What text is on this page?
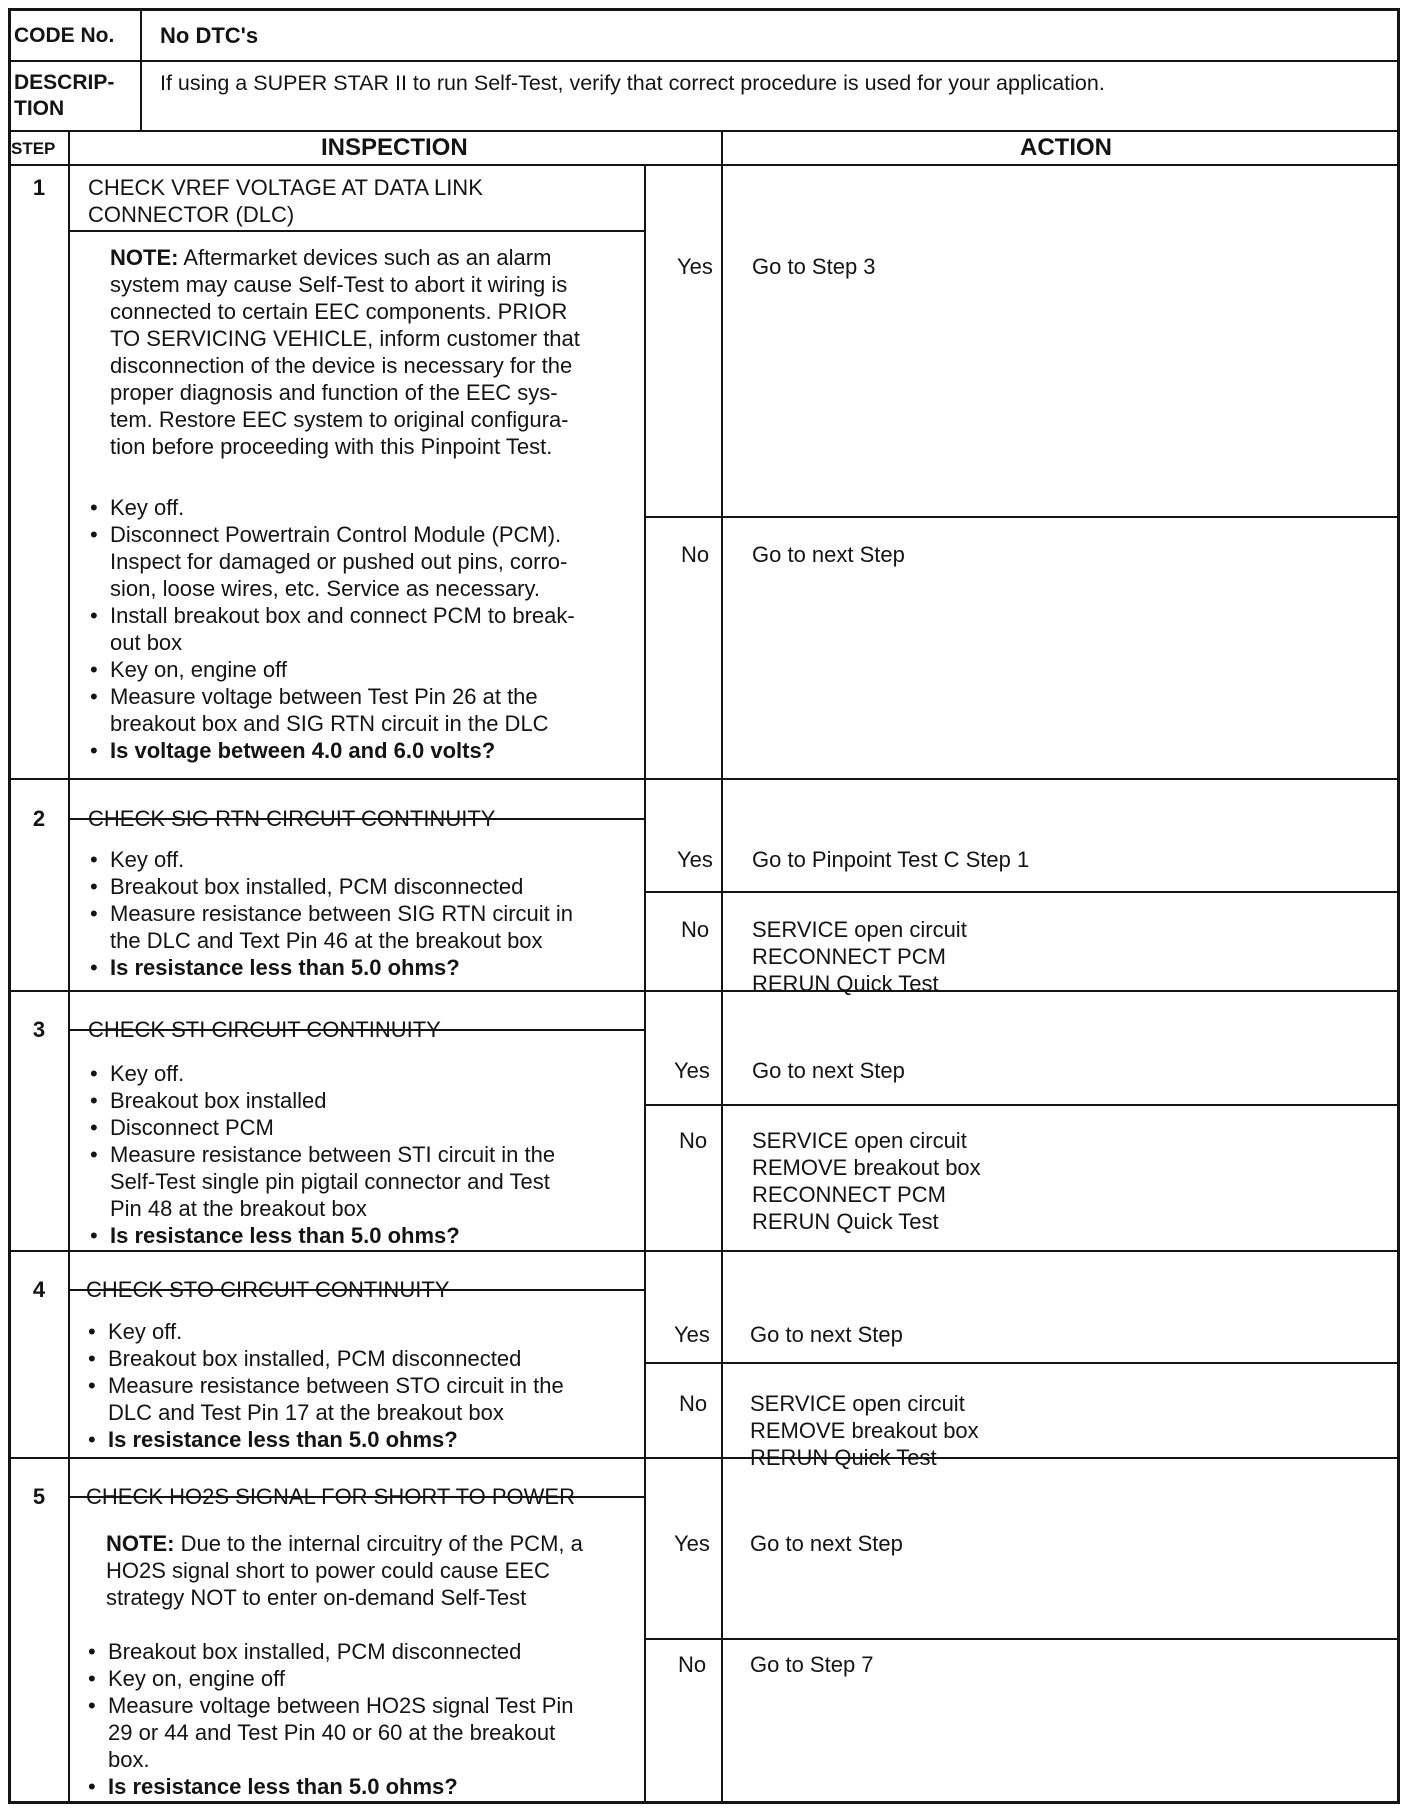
CODE No. No DTC's
DESCRIP-
TION
If using a SUPER STAR II to run Self-Test, verify that correct procedure is used for your application.
STEP	INSPECTION	ACTION
1	CHECK VREF VOLTAGE AT DATA LINK
CONNECTOR (DLC)
NOTE: Aftermarket devices such as an alarm
system may cause Self-Test to abort it wiring is
connected to certain EEC components. PRIOR
TO SERVICING VEHICLE, inform customer that
disconnection of the device is necessary for the
proper diagnosis and function of the EEC sys-
tem. Restore EEC system to original configura-
tion before proceeding with this Pinpoint Test.
• Key off.
• Disconnect Powertrain Control Module (PCM).
Inspect for damaged or pushed out pins, corro-
sion, loose wires, etc. Service as necessary.
• Install breakout box and connect PCM to break-
out box
• Key on, engine off
• Measure voltage between Test Pin 26 at the
breakout box and SIG RTN circuit in the DLC
• Is voltage between 4.0 and 6.0 volts?
Yes Go to Step 3
No Go to next Step
2	CHECK SIG RTN CIRCUIT CONTINUITY
• Key off.
• Breakout box installed, PCM disconnected
• Measure resistance between SIG RTN circuit in
the DLC and Text Pin 46 at the breakout box
• Is resistance less than 5.0 ohms?
Yes Go to Pinpoint Test C Step 1
No SERVICE open circuit
RECONNECT PCM
RERUN Quick Test
3	CHECK STI CIRCUIT CONTINUITY
• Key off.
• Breakout box installed
• Disconnect PCM
• Measure resistance between STI circuit in the
Self-Test single pin pigtail connector and Test
Pin 48 at the breakout box
• Is resistance less than 5.0 ohms?
Yes Go to next Step
No SERVICE open circuit
REMOVE breakout box
RECONNECT PCM
RERUN Quick Test
4	CHECK STO CIRCUIT CONTINUITY
• Key off.
• Breakout box installed, PCM disconnected
• Measure resistance between STO circuit in the
DLC and Test Pin 17 at the breakout box
• Is resistance less than 5.0 ohms?
Yes Go to next Step
No SERVICE open circuit
REMOVE breakout box
RERUN Quick Test
5	CHECK HO2S SIGNAL FOR SHORT TO POWER
NOTE: Due to the internal circuitry of the PCM, a
HO2S signal short to power could cause EEC
strategy NOT to enter on-demand Self-Test
• Breakout box installed, PCM disconnected
• Key on, engine off
• Measure voltage between HO2S signal Test Pin
29 or 44 and Test Pin 40 or 60 at the breakout
box.
• Is resistance less than 5.0 ohms?
Yes Go to next Step
No Go to Step 7
